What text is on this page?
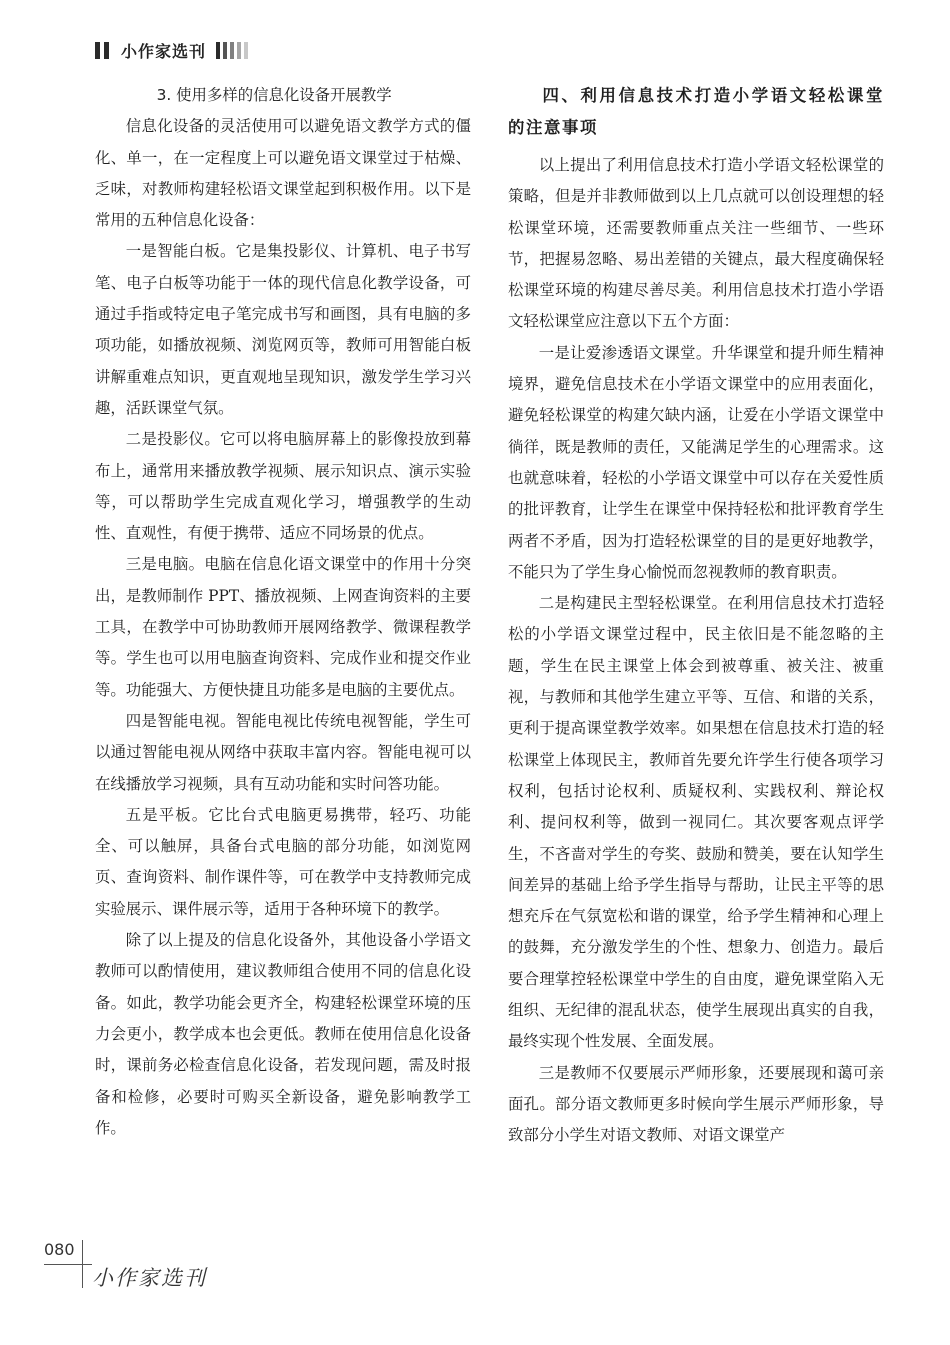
小作家选刊

3. 使用多样的信息化设备开展教学

信息化设备的灵活使用可以避免语文教学方式的僵化、单一，在一定程度上可以避免语文课堂过于枯燥、乏味，对教师构建轻松语文课堂起到积极作用。以下是常用的五种信息化设备：

一是智能白板。它是集投影仪、计算机、电子书写笔、电子白板等功能于一体的现代信息化教学设备，可通过手指或特定电子笔完成书写和画图，具有电脑的多项功能，如播放视频、浏览网页等，教师可用智能白板讲解重难点知识，更直观地呈现知识，激发学生学习兴趣，活跃课堂气氛。

二是投影仪。它可以将电脑屏幕上的影像投放到幕布上，通常用来播放教学视频、展示知识点、演示实验等，可以帮助学生完成直观化学习，增强教学的生动性、直观性，有便于携带、适应不同场景的优点。

三是电脑。电脑在信息化语文课堂中的作用十分突出，是教师制作 PPT、播放视频、上网查询资料的主要工具，在教学中可协助教师开展网络教学、微课程教学等。学生也可以用电脑查询资料、完成作业和提交作业等。功能强大、方便快捷且功能多是电脑的主要优点。

四是智能电视。智能电视比传统电视智能，学生可以通过智能电视从网络中获取丰富内容。智能电视可以在线播放学习视频，具有互动功能和实时问答功能。

五是平板。它比台式电脑更易携带，轻巧、功能全、可以触屏，具备台式电脑的部分功能，如浏览网页、查询资料、制作课件等，可在教学中支持教师完成实验展示、课件展示等，适用于各种环境下的教学。

除了以上提及的信息化设备外，其他设备小学语文教师可以酌情使用，建议教师组合使用不同的信息化设备。如此，教学功能会更齐全，构建轻松课堂环境的压力会更小，教学成本也会更低。教师在使用信息化设备时，课前务必检查信息化设备，若发现问题，需及时报备和检修，必要时可购买全新设备，避免影响教学工作。

四、利用信息技术打造小学语文轻松课堂的注意事项

以上提出了利用信息技术打造小学语文轻松课堂的策略，但是并非教师做到以上几点就可以创设理想的轻松课堂环境，还需要教师重点关注一些细节、一些环节，把握易忽略、易出差错的关键点，最大程度确保轻松课堂环境的构建尽善尽美。利用信息技术打造小学语文轻松课堂应注意以下五个方面：

一是让爱渗透语文课堂。升华课堂和提升师生精神境界，避免信息技术在小学语文课堂中的应用表面化，避免轻松课堂的构建欠缺内涵，让爱在小学语文课堂中徜徉，既是教师的责任，又能满足学生的心理需求。这也就意味着，轻松的小学语文课堂中可以存在关爱性质的批评教育，让学生在课堂中保持轻松和批评教育学生两者不矛盾，因为打造轻松课堂的目的是更好地教学，不能只为了学生身心愉悦而忽视教师的教育职责。

二是构建民主型轻松课堂。在利用信息技术打造轻松的小学语文课堂过程中，民主依旧是不能忽略的主题，学生在民主课堂上体会到被尊重、被关注、被重视，与教师和其他学生建立平等、互信、和谐的关系，更利于提高课堂教学效率。如果想在信息技术打造的轻松课堂上体现民主，教师首先要允许学生行使各项学习权利，包括讨论权利、质疑权利、实践权利、辩论权利、提问权利等，做到一视同仁。其次要客观点评学生，不吝啬对学生的夸奖、鼓励和赞美，要在认知学生间差异的基础上给予学生指导与帮助，让民主平等的思想充斥在气氛宽松和谐的课堂，给予学生精神和心理上的鼓舞，充分激发学生的个性、想象力、创造力。最后要合理掌控轻松课堂中学生的自由度，避免课堂陷入无组织、无纪律的混乱状态，使学生展现出真实的自我，最终实现个性发展、全面发展。

三是教师不仅要展示严师形象，还要展现和蔼可亲面孔。部分语文教师更多时候向学生展示严师形象，导致部分小学生对语文教师、对语文课堂产

080
小作家选刊
